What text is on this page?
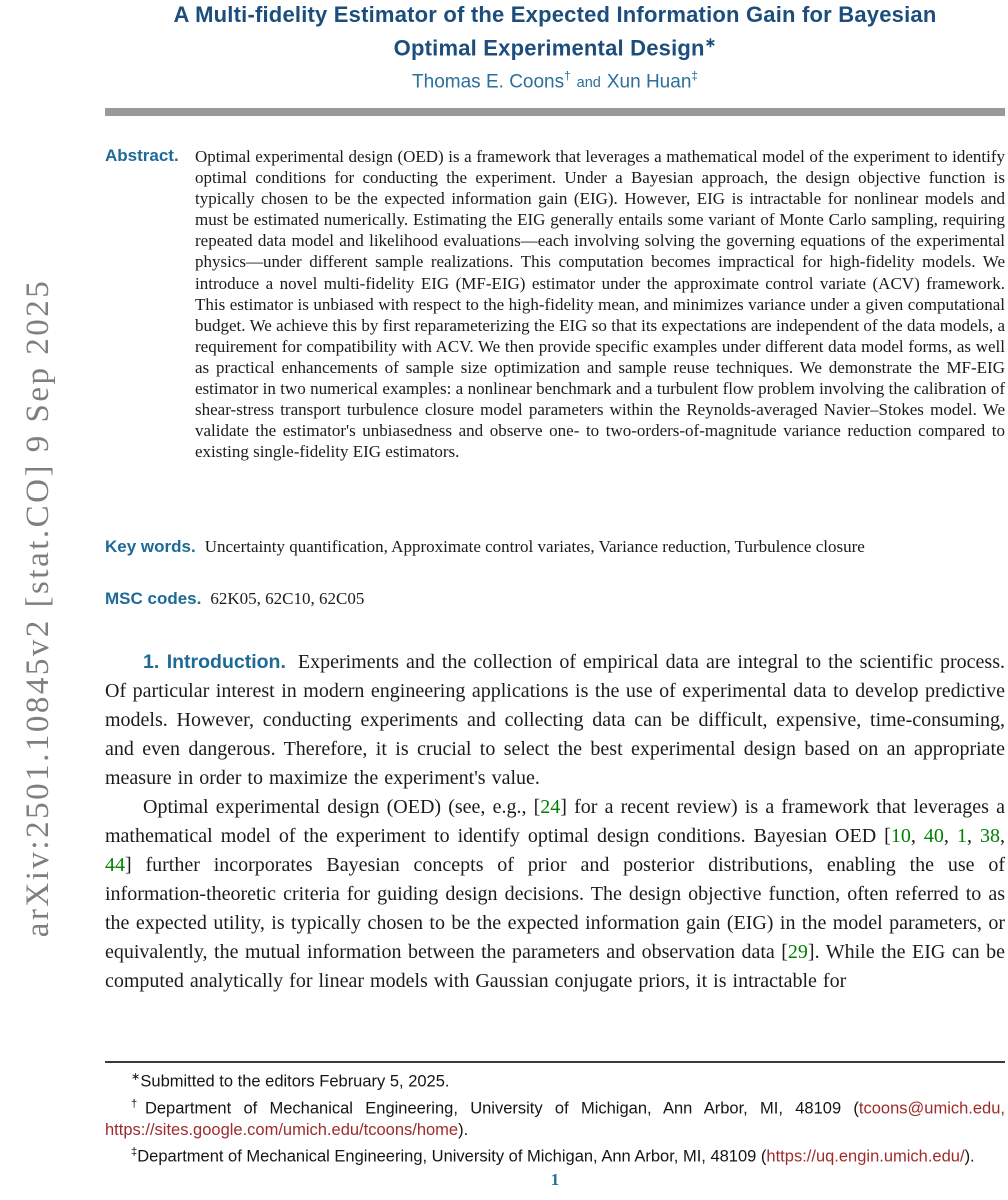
arXiv:2501.10845v2 [stat.CO] 9 Sep 2025
A Multi-fidelity Estimator of the Expected Information Gain for Bayesian
Optimal Experimental Design∗
Thomas E. Coons† and Xun Huan‡
Abstract. Optimal experimental design (OED) is a framework that leverages a mathematical model of the experiment to identify optimal conditions for conducting the experiment. Under a Bayesian approach, the design objective function is typically chosen to be the expected information gain (EIG). However, EIG is intractable for nonlinear models and must be estimated numerically. Estimating the EIG generally entails some variant of Monte Carlo sampling, requiring repeated data model and likelihood evaluations—each involving solving the governing equations of the experimental physics—under different sample realizations. This computation becomes impractical for high-fidelity models. We introduce a novel multi-fidelity EIG (MF-EIG) estimator under the approximate control variate (ACV) framework. This estimator is unbiased with respect to the high-fidelity mean, and minimizes variance under a given computational budget. We achieve this by first reparameterizing the EIG so that its expectations are independent of the data models, a requirement for compatibility with ACV. We then provide specific examples under different data model forms, as well as practical enhancements of sample size optimization and sample reuse techniques. We demonstrate the MF-EIG estimator in two numerical examples: a nonlinear benchmark and a turbulent flow problem involving the calibration of shear-stress transport turbulence closure model parameters within the Reynolds-averaged Navier–Stokes model. We validate the estimator's unbiasedness and observe one- to two-orders-of-magnitude variance reduction compared to existing single-fidelity EIG estimators.
Key words. Uncertainty quantification, Approximate control variates, Variance reduction, Turbulence closure
MSC codes. 62K05, 62C10, 62C05

1. Introduction. Experiments and the collection of empirical data are integral to the scientific process. Of particular interest in modern engineering applications is the use of experimental data to develop predictive models. However, conducting experiments and collecting data can be difficult, expensive, time-consuming, and even dangerous. Therefore, it is crucial to select the best experimental design based on an appropriate measure in order to maximize the experiment's value.

Optimal experimental design (OED) (see, e.g., [24] for a recent review) is a framework that leverages a mathematical model of the experiment to identify optimal design conditions. Bayesian OED [10, 40, 1, 38, 44] further incorporates Bayesian concepts of prior and posterior distributions, enabling the use of information-theoretic criteria for guiding design decisions. The design objective function, often referred to as the expected utility, is typically chosen to be the expected information gain (EIG) in the model parameters, or equivalently, the mutual information between the parameters and observation data [29]. While the EIG can be computed analytically for linear models with Gaussian conjugate priors, it is intractable for

∗Submitted to the editors February 5, 2025.
†Department of Mechanical Engineering, University of Michigan, Ann Arbor, MI, 48109 (tcoons@umich.edu, https://sites.google.com/umich.edu/tcoons/home).
‡Department of Mechanical Engineering, University of Michigan, Ann Arbor, MI, 48109 (https://uq.engin.umich.edu/).
1
